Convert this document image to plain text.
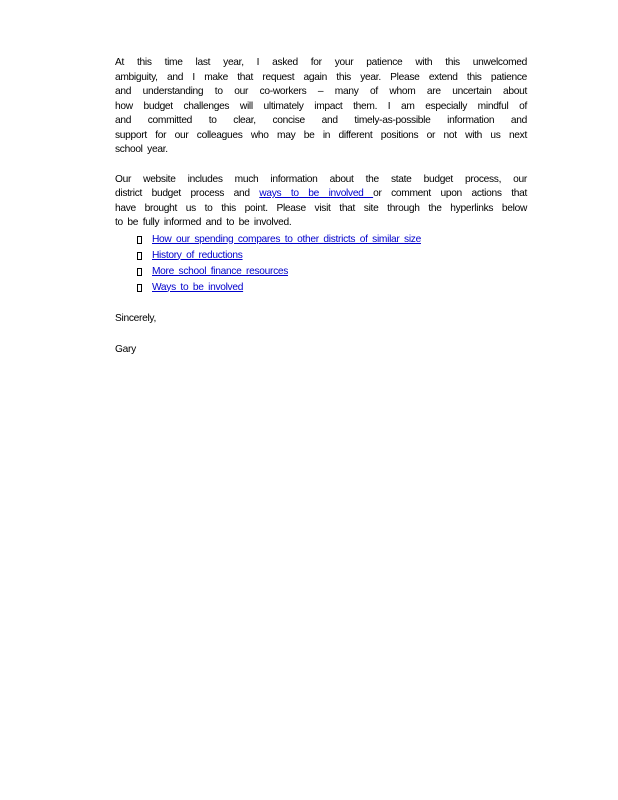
At this time last year, I asked for your patience with this unwelcomed
ambiguity, and I make that request again this year. Please extend this patience
and understanding to our co-workers – many of whom are uncertain about
how budget challenges will ultimately impact them. I am especially mindful of
and committed to clear, concise and timely-as-possible information and
support for our colleagues who may be in different positions or not with us next
school year.

Our website includes much information about the state budget process, our
district budget process and ways to be involved or comment upon actions that
have brought us to this point. Please visit that site through the hyperlinks below
to be fully informed and to be involved.

How our spending compares to other districts of similar size
History of reductions
More school finance resources
Ways to be involved

Sincerely,

Gary
